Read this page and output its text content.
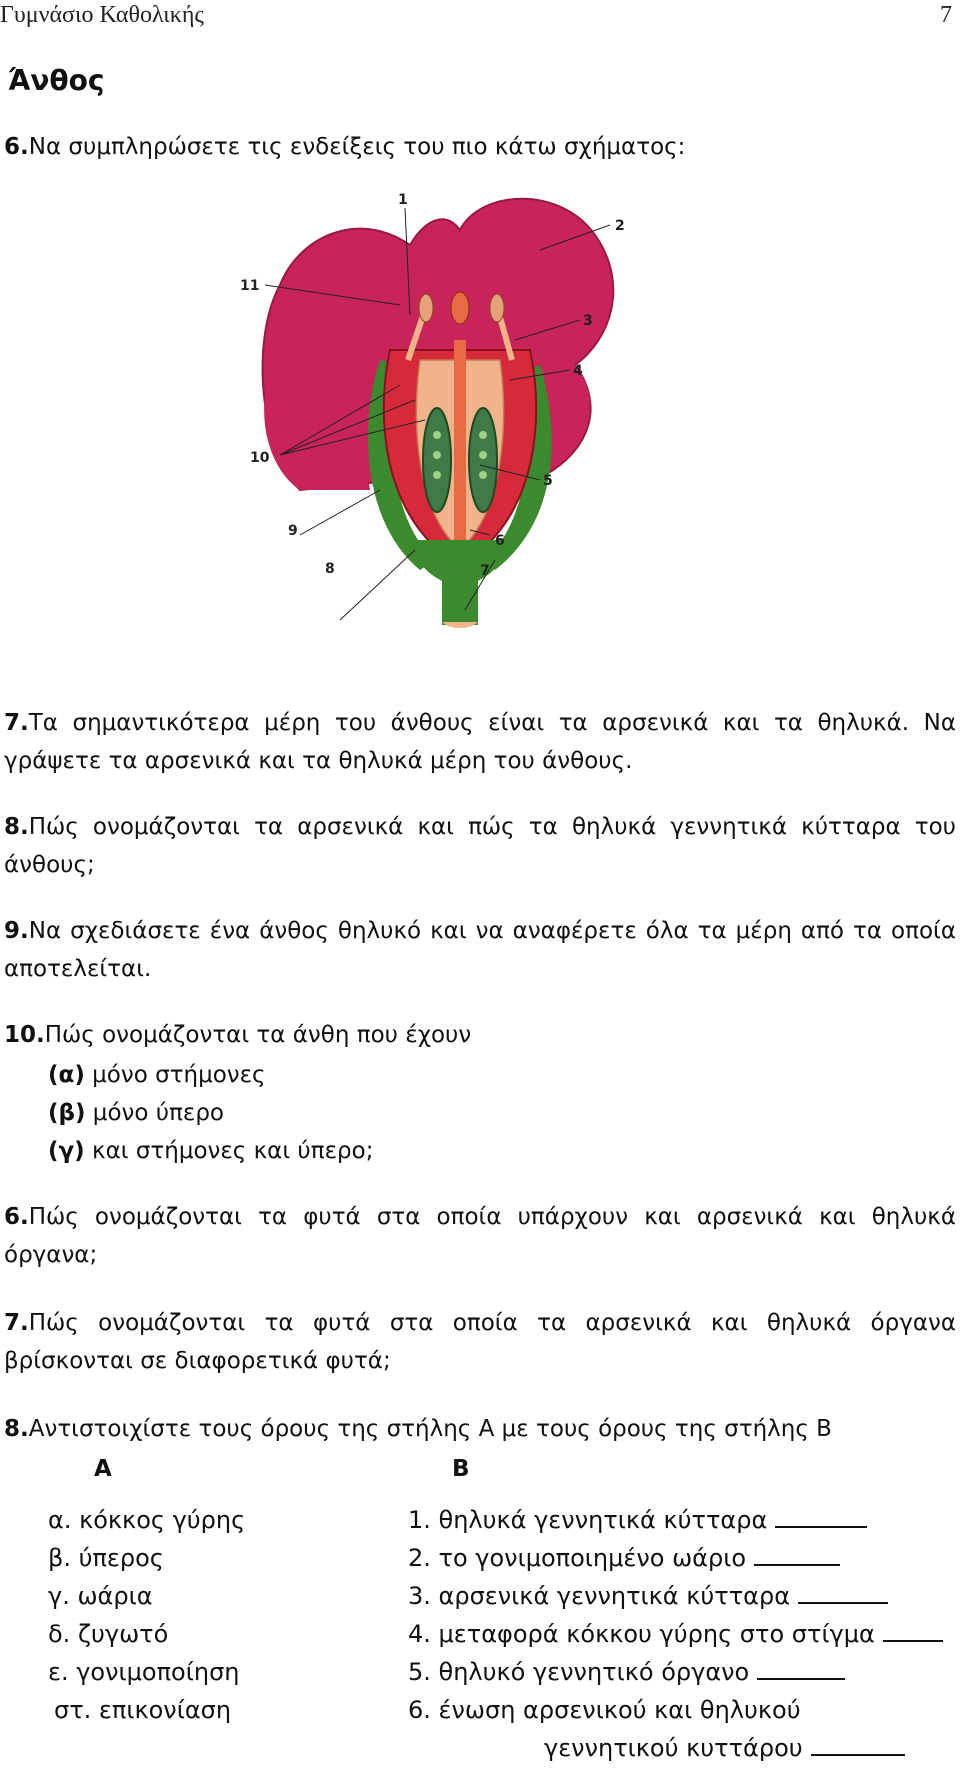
Γυμνάσιο Καθολικής	7
Άνθος
6.Να συμπληρώσετε τις ενδείξεις του πιο κάτω σχήματος:
1
2
3
4
5
6
7
8
9
10
11
7.Τα σημαντικότερα μέρη του άνθους είναι τα αρσενικά και τα θηλυκά. Να γράψετε τα αρσενικά και τα θηλυκά μέρη του άνθους.
8.Πώς ονομάζονται τα αρσενικά και πώς τα θηλυκά γεννητικά κύτταρα του άνθους;
9.Να σχεδιάσετε ένα άνθος θηλυκό και να αναφέρετε όλα τα μέρη από τα οποία αποτελείται.
10.Πώς ονομάζονται τα άνθη που έχουν
(α) μόνο στήμονες
(β) μόνο ύπερο
(γ) και στήμονες και ύπερο;
6.Πώς ονομάζονται τα φυτά στα οποία υπάρχουν και αρσενικά και θηλυκά όργανα;
7.Πώς ονομάζονται τα φυτά στα οποία τα αρσενικά και θηλυκά όργανα βρίσκονται σε διαφορετικά φυτά;
8.Αντιστοιχίστε τους όρους της στήλης Α με τους όρους της στήλης Β
Α	Β
α. κόκκος γύρης
β. ύπερος
γ. ωάρια
δ. ζυγωτό
ε. γονιμοποίηση
στ. επικονίαση
1. θηλυκά γεννητικά κύτταρα
2. το γονιμοποιημένο ωάριο
3. αρσενικά γεννητικά κύτταρα
4. μεταφορά κόκκου γύρης στο στίγμα
5. θηλυκό γεννητικό όργανο
6. ένωση αρσενικού και θηλυκού
γεννητικού κυττάρου
